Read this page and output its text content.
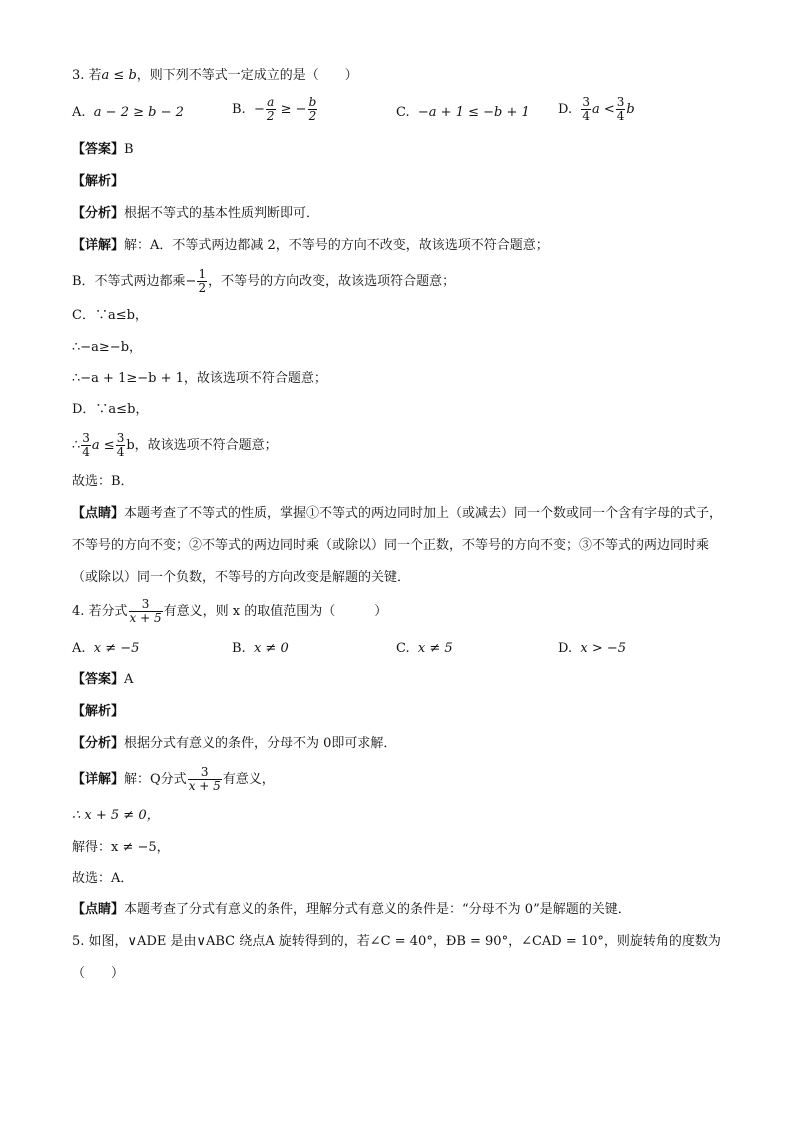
3. 若a ≤ b，则下列不等式一定成立的是（　　）
A. a − 2 ≥ b − 2	B. − $\frac{a}{2}$ ≥ − $\frac{b}{2}$	C. −a + 1 ≤ −b + 1 D. $\frac{3}{4}$ $a < \frac{3}{4}$ b
【答案】B
【解析】
【分析】根据不等式的基本性质判断即可．
【详解】解：A．不等式两边都减 2，不等号的方向不改变，故该选项不符合题意；
B．不等式两边都乘− $\frac{1}{2}$ ，不等号的方向改变，故该选项符合题意；
C．∵a≤b，
∴−a≥−b，
∴−a + 1≥−b + 1，故该选项不符合题意；
D．∵a≤b，
∴ $\frac{3}{4}$ $a \le \frac{3}{4}$ b，故该选项不符合题意；
故选：B．
【点睛】本题考查了不等式的性质，掌握①不等式的两边同时加上（或减去）同一个数或同一个含有字母的式子，不等号的方向不变；②不等式的两边同时乘（或除以）同一个正数，不等号的方向不变；③不等式的两边同时乘（或除以）同一个负数，不等号的方向改变是解题的关键．
4. 若分式 $\frac{3}{x + 5}$ 有意义，则 x 的取值范围为（　　　）
A. x ≠ −5	B. x ≠ 0	C. x ≠ 5	D. x > −5
【答案】A
【解析】
【分析】根据分式有意义的条件，分母不为 0即可求解．
【详解】解：Q分式 $\frac{3}{x + 5}$ 有意义，
∴ x + 5 ≠ 0，
解得：x ≠ −5，
故选：A．
【点睛】本题考查了分式有意义的条件，理解分式有意义的条件是：“分母不为 0”是解题的关键．
5. 如图，∨ADE 是由∨ABC 绕点A 旋转得到的，若∠C = 40°，ÐB = 90°，∠CAD = 10°，则旋转角的度数为（　　）
